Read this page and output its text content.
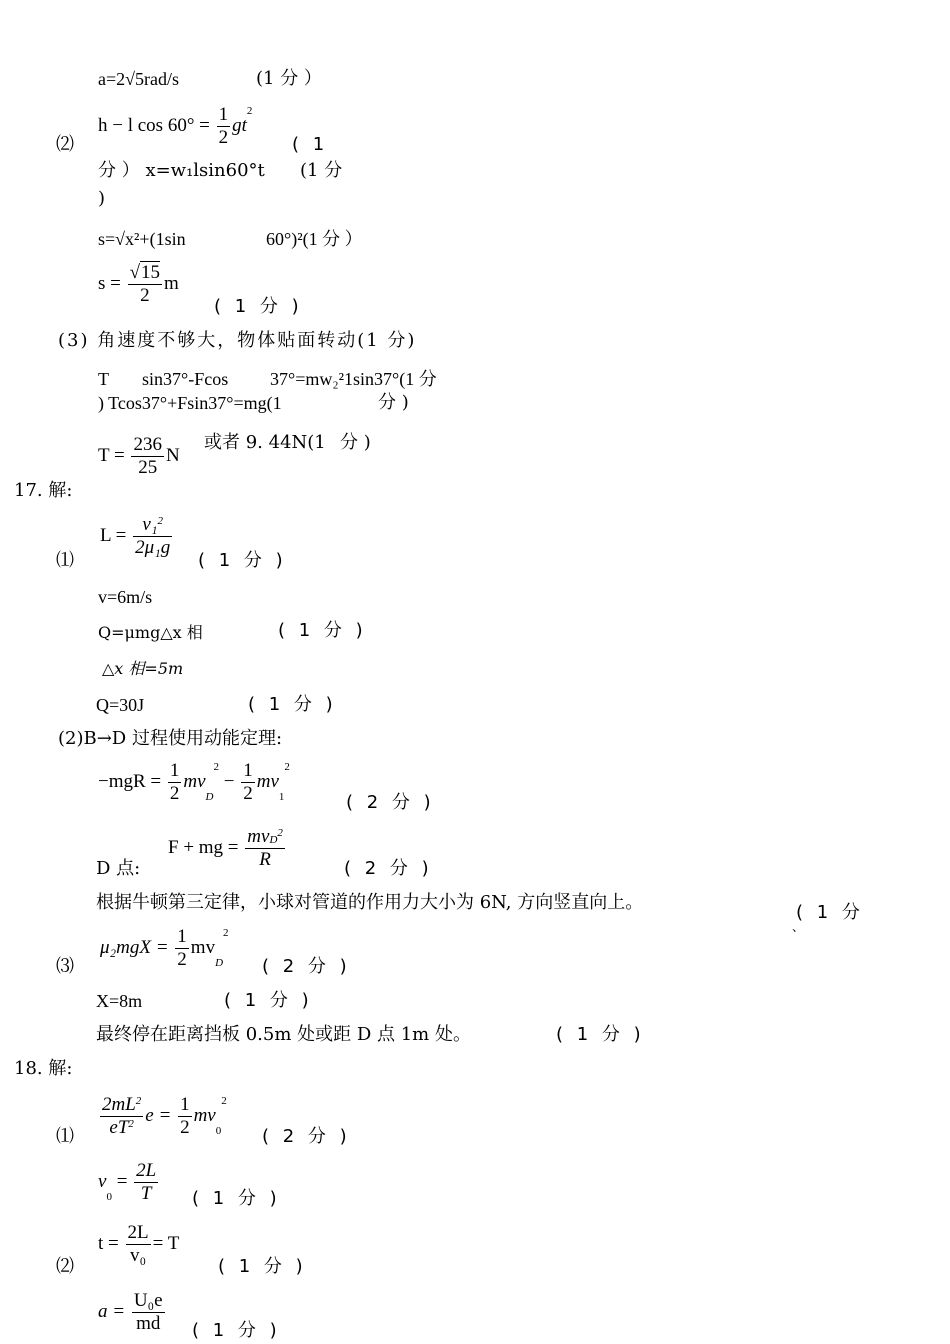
a=2√5rad/s	(1 分 ）
⑵
h − l $\cos 60^\circ = \frac{1}{2} gt^2$
( 1
分 ） x=w₁lsin60°t (1 分
)
s=√x²+(1sin	60°)²(1 分 ）
$s = \frac{√15}{2}$ m
( 1 分 )
(3) 角速度不够大，物体贴面转动(1 分)
T sin37°-Fcos 37°=mw₂²1sin37°(1 分
) Tcos37°+Fsin37°=mg(1	分 )
$T = \frac{236}{25}$ N
或者 9. 44N(1 分 )
17. 解:
⑴
$L = \frac{v_1^2}{\text{2μ₁g}}$
( 1 分 )
v=6m/s
Q=μmg△x 相	( 1 分 )
△x 相=5m
Q=30J	( 1 分 )
(2)B→D 过程使用动能定理:
$-mgR = \frac{1}{2} mv_D^2 - \frac{1}{2} mv_1^2$
( 2 分 )
D 点:
F + mg = $\frac{mv_D^2}{R}$	( 2 分 )
根据牛顿第三定律，小球对管道的作用力大小为 6N, 方向竖直向上。	( 1 分
、
⑶
$\mu_2mgX = \frac{1}{2} mv_D^2$
( 2 分 )
X=8m	( 1 分 )
最终停在距离挡板 0.5m 处或距 D 点 1m 处。	( 1 分 )
18. 解:
⑴ $\frac{2mL^2}{eT^2}$ $e = \frac{1}{2} mv_0^2$
( 2 分 )
$v_0 = \frac{2L}{T}$ ( 1 分 )
⑵
$t = \frac{2L}{\text{v₀}} = T$
( 1 分 )
$a = \frac{\text{U₀e}}{md}$ ( 1 分 )
